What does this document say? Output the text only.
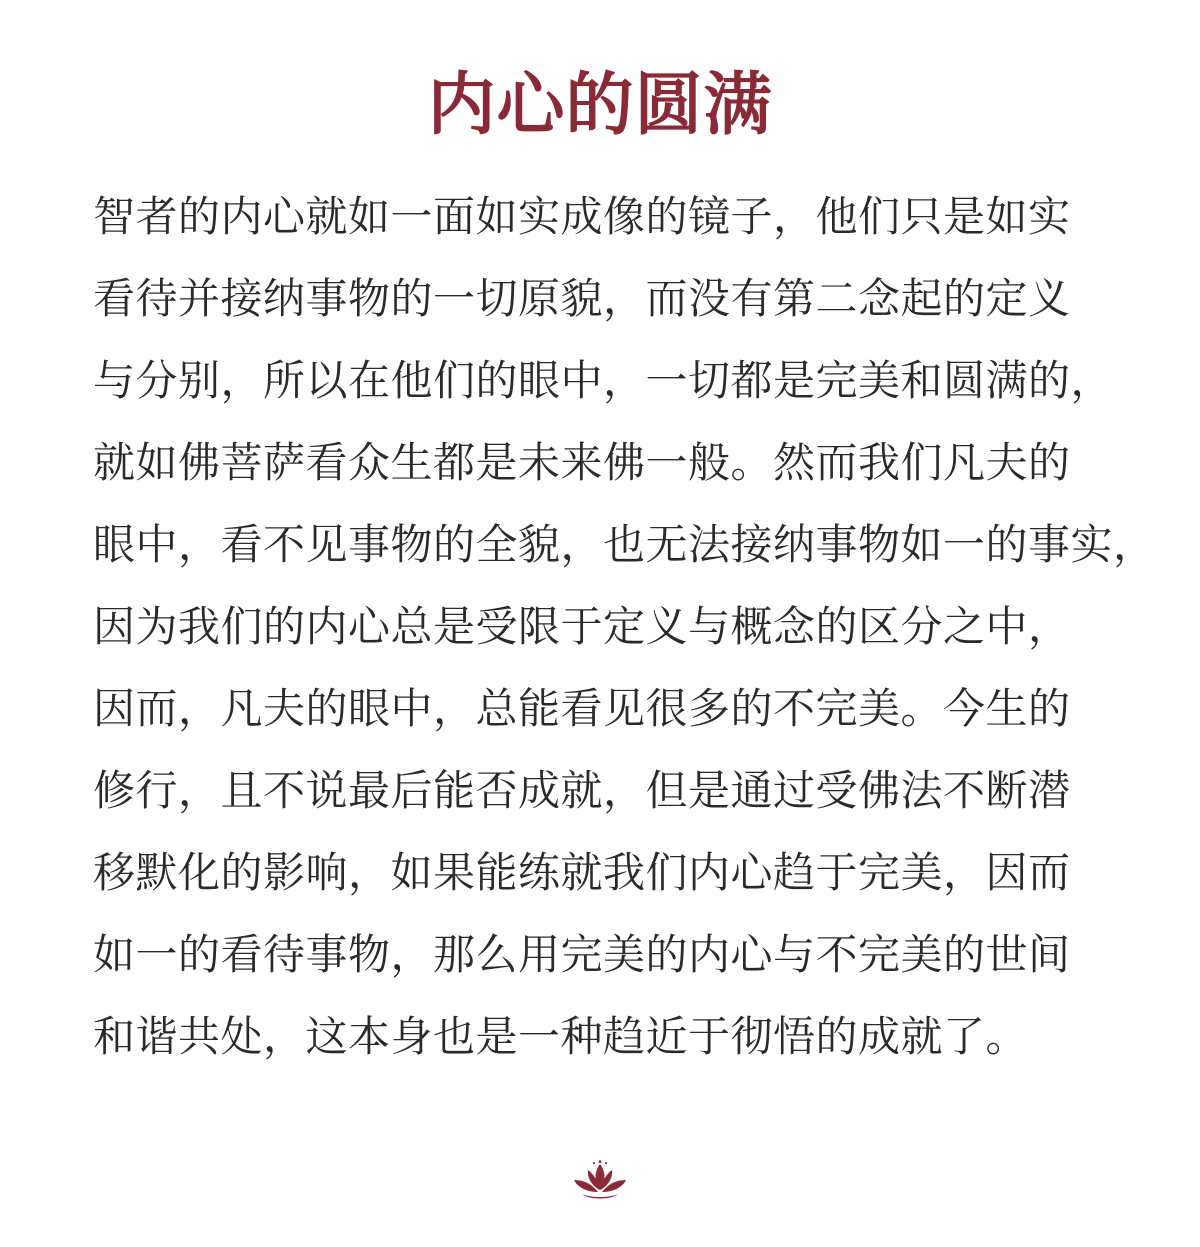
内心的圆满
智者的内心就如一面如实成像的镜子，他们只是如实
看待并接纳事物的一切原貌，而没有第二念起的定义
与分别，所以在他们的眼中，一切都是完美和圆满的，
就如佛菩萨看众生都是未来佛一般。然而我们凡夫的
眼中，看不见事物的全貌，也无法接纳事物如一的事实，
因为我们的内心总是受限于定义与概念的区分之中，
因而，凡夫的眼中，总能看见很多的不完美。今生的
修行，且不说最后能否成就，但是通过受佛法不断潜
移默化的影响，如果能练就我们内心趋于完美，因而
如一的看待事物，那么用完美的内心与不完美的世间
和谐共处，这本身也是一种趋近于彻悟的成就了。
